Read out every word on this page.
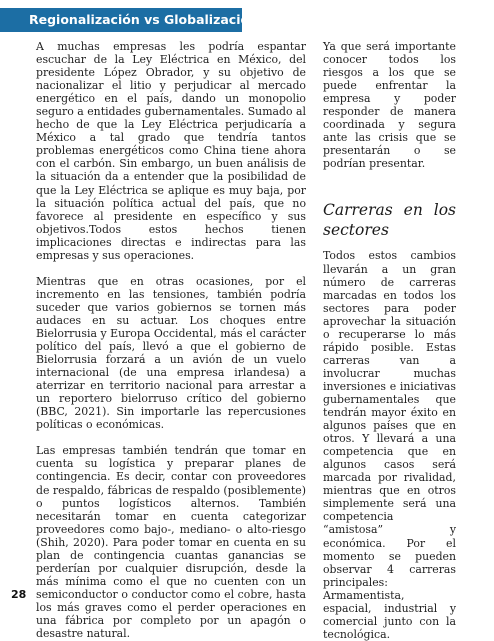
Regionalización vs Globalización

A muchas empresas les podría espantar escuchar de la Ley Eléctrica en México, del presidente López Obrador, y su objetivo de nacionalizar el litio y perjudicar al mercado energético en el país, dando un monopolio seguro a entidades gubernamentales. Sumado al hecho de que la Ley Eléctrica perjudicaría a México a tal grado que tendría tantos problemas energéticos como China tiene ahora con el carbón. Sin embargo, un buen análisis de la situación da a entender que la posibilidad de que la Ley Eléctrica se aplique es muy baja, por la situación política actual del país, que no favorece al presidente en específico y sus objetivos.Todos estos hechos tienen implicaciones directas e indirectas para las empresas y sus operaciones.

Mientras que en otras ocasiones, por el incremento en las tensiones, también podría suceder que varios gobiernos se tornen más audaces en su actuar. Los choques entre Bielorrusia y Europa Occidental, más el carácter político del país, llevó a que el gobierno de Bielorrusia forzará a un avión de un vuelo internacional (de una empresa irlandesa) a aterrizar en territorio nacional para arrestar a un reportero bielorruso crítico del gobierno (BBC, 2021). Sin importarle las repercusiones políticas o económicas.

Las empresas también tendrán que tomar en cuenta su logística y preparar planes de contingencia. Es decir, contar con proveedores de respaldo, fábricas de respaldo (posiblemente) o puntos logísticos alternos. También necesitarán tomar en cuenta categorizar proveedores como bajo-, mediano- o alto-riesgo (Shih, 2020). Para poder tomar en cuenta en su plan de contingencia cuantas ganancias se perderían por cualquier disrupción, desde la más mínima como el que no cuenten con un semiconductor o conductor como el cobre, hasta los más graves como el perder operaciones en una fábrica por completo por un apagón o desastre natural.

Ya que será importante conocer todos los riesgos a los que se puede enfrentar la empresa y poder responder de manera coordinada y segura ante las crisis que se presentarán o se podrían presentar.

Carreras en los
sectores

Todos estos cambios llevarán a un gran número de carreras marcadas en todos los sectores para poder aprovechar la situación o recuperarse lo más rápido posible. Estas carreras van a involucrar muchas inversiones e iniciativas gubernamentales que tendrán mayor éxito en algunos países que en otros. Y llevará a una competencia que en algunos casos será marcada por rivalidad, mientras que en otros simplemente será una competencia “amistosa” y económica. Por el momento se pueden observar 4 carreras principales: Armamentista, espacial, industrial y comercial junto con la tecnológica.

28
